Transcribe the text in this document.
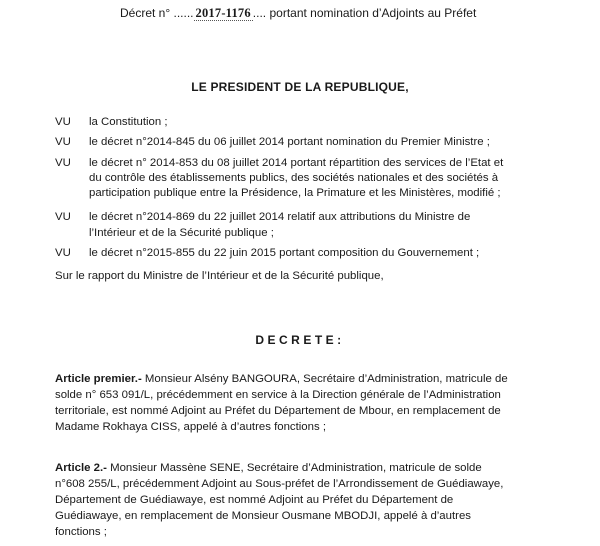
Décret n° ...... 2017-1176 .... portant nomination d’Adjoints au Préfet
LE PRESIDENT DE LA REPUBLIQUE,
VU la Constitution ;
VU le décret n°2014-845 du 06 juillet 2014 portant nomination du Premier Ministre ;
VU le décret n° 2014-853 du 08 juillet 2014 portant répartition des services de l’Etat et
du contrôle des établissements publics, des sociétés nationales et des sociétés à
participation publique entre la Présidence, la Primature et les Ministères, modifié ;
VU le décret n°2014-869 du 22 juillet 2014 relatif aux attributions du Ministre de
l’Intérieur et de la Sécurité publique ;
VU le décret n°2015-855 du 22 juin 2015 portant composition du Gouvernement ;
Sur le rapport du Ministre de l’Intérieur et de la Sécurité publique,
DECRETE:
Article premier.- Monsieur Alsény BANGOURA, Secrétaire d’Administration, matricule de
solde n° 653 091/L, précédemment en service à la Direction générale de l’Administration
territoriale, est nommé Adjoint au Préfet du Département de Mbour, en remplacement de
Madame Rokhaya CISS, appelé à d’autres fonctions ;
Article 2.- Monsieur Massène SENE, Secrétaire d’Administration, matricule de solde
n°608 255/L, précédemment Adjoint au Sous-préfet de l’Arrondissement de Guédiawaye,
Département de Guédiawaye, est nommé Adjoint au Préfet du Département de
Guédiawaye, en remplacement de Monsieur Ousmane MBODJI, appelé à d’autres
fonctions ;
